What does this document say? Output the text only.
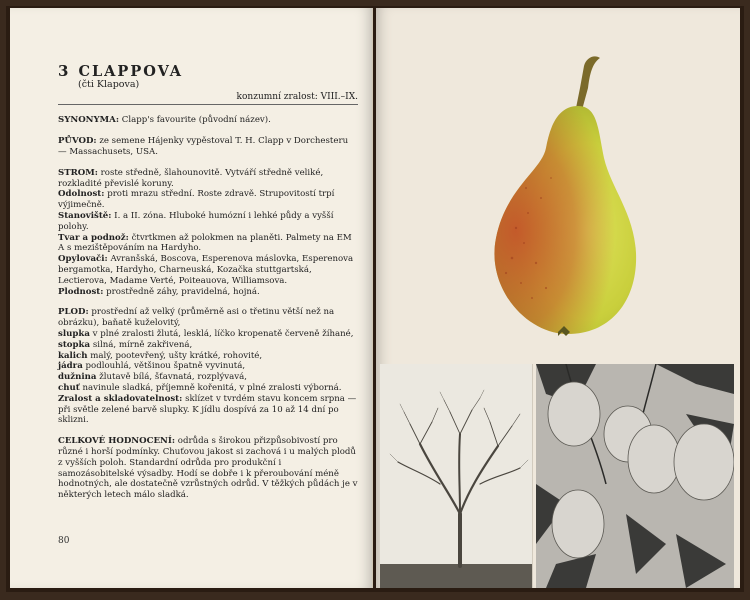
3 CLAPPOVA
(čti Klapova)
konzumní zralost: VIII.–IX.
SYNONYMA: Clapp's favourite (původní název).
PŮVOD: ze semene Hájenky vypěstoval T. H. Clapp v Dorchesteru — Massachusets, USA.
STROM: roste středně, šlahounovitě. Vytváří středně veliké, rozkladité převislé koruny.
Odolnost: proti mrazu střední. Roste zdravě. Strupovitostí trpí výjimečně.
Stanoviště: I. a II. zóna. Hluboké humózní i lehké půdy a vyšší polohy.
Tvar a podnož: čtvrtkmen až polokmen na planěti. Palmety na EM A s mezištěpováním na Hardyho.
Opylovači: Avranšská, Boscova, Esperenova máslovka, Esperenova bergamotka, Hardyho, Charneuská, Kozačka stuttgartská, Lectierova, Madame Verté, Poiteauova, Williamsova.
Plodnost: prostředně záhy, pravidelná, hojná.
PLOD: prostřední až velký (průměrně asi o třetinu větší než na obrázku), baňatě kuželovitý,
slupka v plné zralosti žlutá, lesklá, líčko kropenatě červeně žíhané,
stopka silná, mírně zakřivená,
kalich malý, pootevřený, ušty krátké, rohovité,
jádra podlouhlá, většinou špatně vyvinutá,
dužnina žlutavě bílá, šťavnatá, rozplývavá,
chuť navinule sladká, příjemně kořenitá, v plné zralosti výborná.
Zralost a skladovatelnost: sklízet v tvrdém stavu koncem srpna — při světle zelené barvě slupky. K jídlu dospívá za 10 až 14 dní po sklizni.
CELKOVÉ HODNOCENÍ: odrůda s širokou přizpůsobivostí pro různé i horší podmínky. Chuťovou jakost si zachová i u malých plodů z vyšších poloh. Standardní odrůda pro produkční i samozásobitelské výsadby. Hodí se dobře i k přeroubování méně hodnotných, ale dostatečně vzrůstných odrůd. V těžkých půdách je v některých letech málo sladká.
80
